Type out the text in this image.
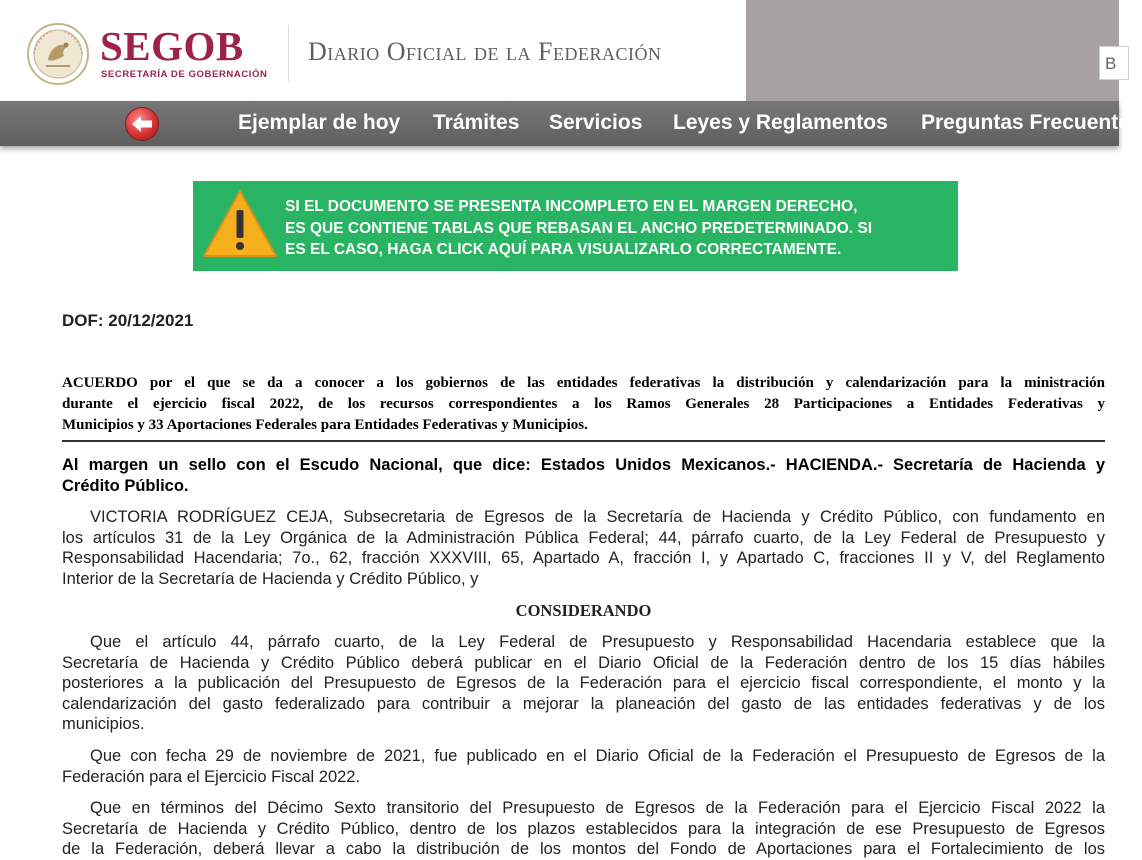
SEGOB
SECRETARÍA DE GOBERNACIÓN
Diario Oficial de la Federación	B
Ejemplar de hoy Trámites Servicios Leyes y Reglamentos Preguntas Frecuentes
SI EL DOCUMENTO SE PRESENTA INCOMPLETO EN EL MARGEN DERECHO,
ES QUE CONTIENE TABLAS QUE REBASAN EL ANCHO PREDETERMINADO. SI
ES EL CASO, HAGA CLICK AQUÍ PARA VISUALIZARLO CORRECTAMENTE.
DOF: 20/12/2021
ACUERDO por el que se da a conocer a los gobiernos de las entidades federativas la distribución y calendarización para la ministración
durante el ejercicio fiscal 2022, de los recursos correspondientes a los Ramos Generales 28 Participaciones a Entidades Federativas y
Municipios y 33 Aportaciones Federales para Entidades Federativas y Municipios.
Al margen un sello con el Escudo Nacional, que dice: Estados Unidos Mexicanos.- HACIENDA.- Secretaría de Hacienda y
Crédito Público.
VICTORIA RODRÍGUEZ CEJA, Subsecretaria de Egresos de la Secretaría de Hacienda y Crédito Público, con fundamento en
los artículos 31 de la Ley Orgánica de la Administración Pública Federal; 44, párrafo cuarto, de la Ley Federal de Presupuesto y
Responsabilidad Hacendaria; 7o., 62, fracción XXXVIII, 65, Apartado A, fracción I, y Apartado C, fracciones II y V, del Reglamento
Interior de la Secretaría de Hacienda y Crédito Público, y
CONSIDERANDO
Que el artículo 44, párrafo cuarto, de la Ley Federal de Presupuesto y Responsabilidad Hacendaria establece que la
Secretaría de Hacienda y Crédito Público deberá publicar en el Diario Oficial de la Federación dentro de los 15 días hábiles
posteriores a la publicación del Presupuesto de Egresos de la Federación para el ejercicio fiscal correspondiente, el monto y la
calendarización del gasto federalizado para contribuir a mejorar la planeación del gasto de las entidades federativas y de los
municipios.
Que con fecha 29 de noviembre de 2021, fue publicado en el Diario Oficial de la Federación el Presupuesto de Egresos de la
Federación para el Ejercicio Fiscal 2022.
Que en términos del Décimo Sexto transitorio del Presupuesto de Egresos de la Federación para el Ejercicio Fiscal 2022 la
Secretaría de Hacienda y Crédito Público, dentro de los plazos establecidos para la integración de ese Presupuesto de Egresos
de la Federación, deberá llevar a cabo la distribución de los montos del Fondo de Aportaciones para el Fortalecimiento de los
